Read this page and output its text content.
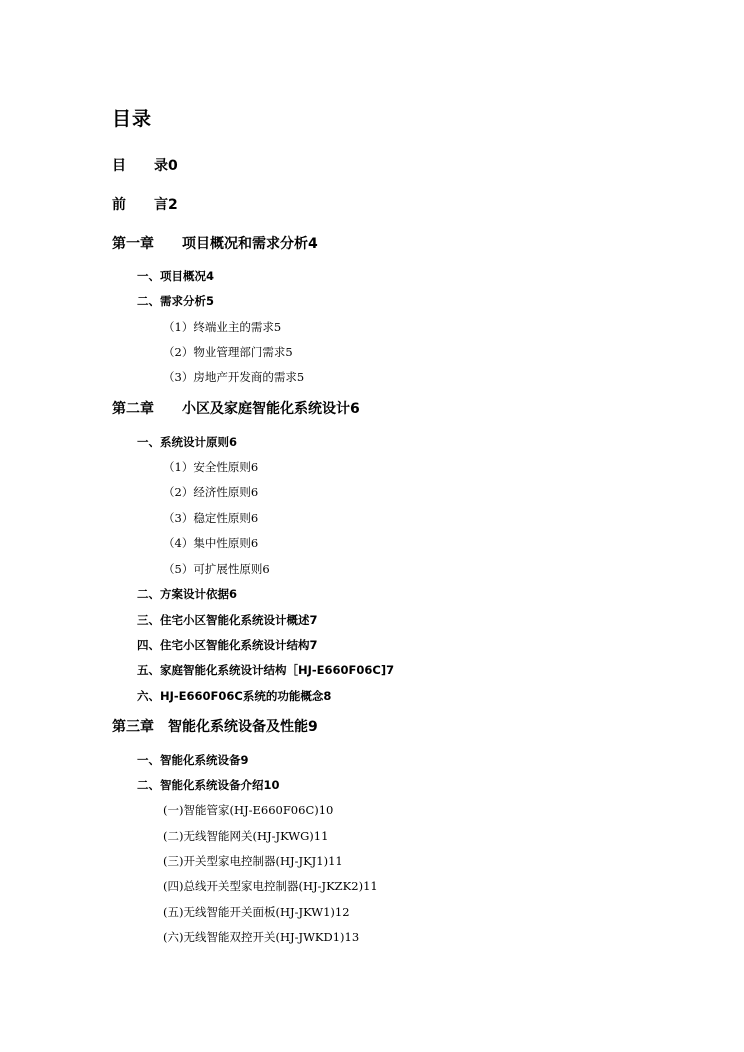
目录
目　　录0
前　　言2
第一章　　项目概况和需求分析4
一、项目概况4
二、需求分析5
（1）终端业主的需求5
（2）物业管理部门需求5
（3）房地产开发商的需求5
第二章　　小区及家庭智能化系统设计6
一、系统设计原则6
（1）安全性原则6
（2）经济性原则6
（3）稳定性原则6
（4）集中性原则6
（5）可扩展性原则6
二、方案设计依据6
三、住宅小区智能化系统设计概述7
四、住宅小区智能化系统设计结构7
五、家庭智能化系统设计结构［HJ-E660F06C]7
六、HJ-E660F06C系统的功能概念8
第三章　智能化系统设备及性能9
一、智能化系统设备9
二、智能化系统设备介绍10
(一)智能管家(HJ-E660F06C)10
(二)无线智能网关(HJ-JKWG)11
(三)开关型家电控制器(HJ-JKJ1)11
(四)总线开关型家电控制器(HJ-JKZK2)11
(五)无线智能开关面板(HJ-JKW1)12
(六)无线智能双控开关(HJ-JWKD1)13
